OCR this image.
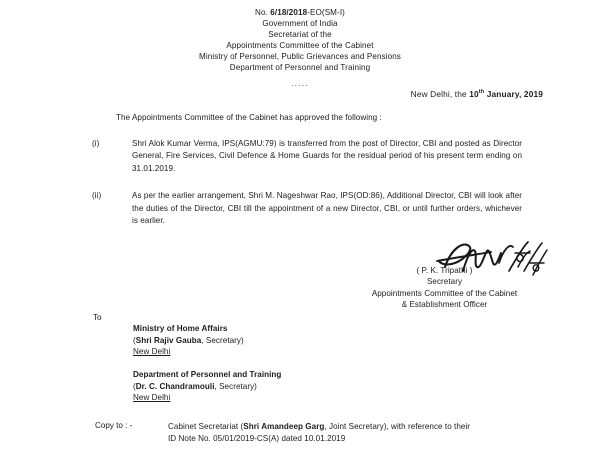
No. 6/18/2018-EO(SM-I)
Government of India
Secretariat of the
Appointments Committee of the Cabinet
Ministry of Personnel, Public Grievances and Pensions
Department of Personnel and Training
.....
New Delhi, the 10th January, 2019

The Appointments Committee of the Cabinet has approved the following :

(i)	Shri Alok Kumar Verma, IPS(AGMU:79) is transferred from the post of Director, CBI and posted as Director General, Fire Services, Civil Defence & Home Guards for the residual period of his present term ending on 31.01.2019.

(ii)	As per the earlier arrangement, Shri M. Nageshwar Rao, IPS(OD:86), Additional Director, CBI will look after the duties of the Director, CBI till the appointment of a new Director, CBI, or until further orders, whichever is earlier.

( P. K. Tripathi )
Secretary
Appointments Committee of the Cabinet
& Establishment Officer
To
Ministry of Home Affairs
(Shri Rajiv Gauba, Secretary)
New Delhi
Department of Personnel and Training
(Dr. C. Chandramouli, Secretary)
New Delhi
Copy to : -	Cabinet Secretariat (Shri Amandeep Garg, Joint Secretary), with reference to their
ID Note No. 05/01/2019-CS(A) dated 10.01.2019
